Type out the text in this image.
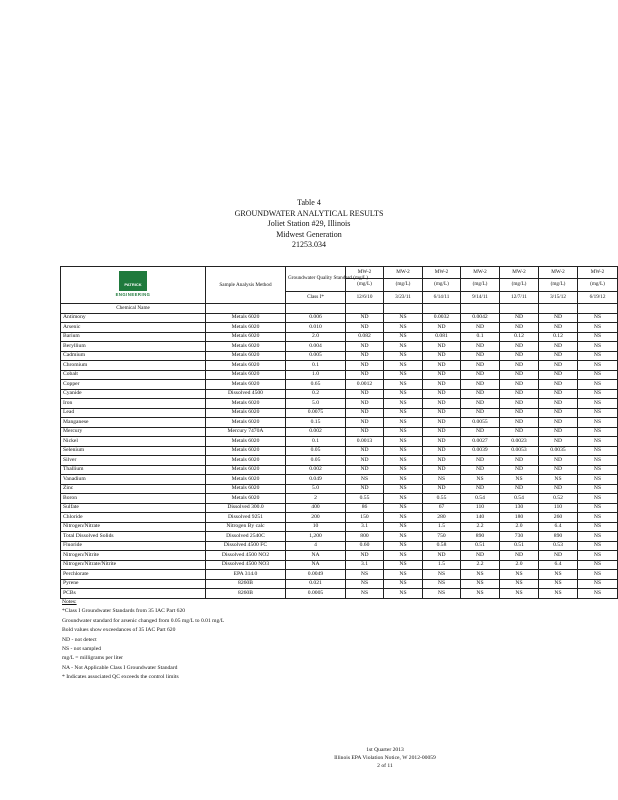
Table 4
GROUNDWATER ANALYTICAL RESULTS
Joliet Station #29, Illinois
Midwest Generation
21253.034
PATRICK
ENGINEERING	Sample Analysis Method	Groundwater Quality Standard (mg/L)	MW-2	MW-2	MW-2	MW-2	MW-2	MW-2	MW-2
			(mg/L)	(mg/L)	(mg/L)	(mg/L)	(mg/L)	(mg/L)	(mg/L)
		Class I*	12/6/10	3/23/11	6/14/11	9/14/11	12/7/11	3/15/12	6/19/12
Chemical Name									
Antimony	Metals 6020	0.006	ND	NS	0.0032	0.0042	ND	ND	NS
Arsenic	Metals 6020	0.010	ND	NS	ND	ND	ND	ND	NS
Barium	Metals 6020	2.0	0.082	NS	0.081	0.1	0.12	0.12	NS
Beryllium	Metals 6020	0.004	ND	NS	ND	ND	ND	ND	NS
Cadmium	Metals 6020	0.005	ND	NS	ND	ND	ND	ND	NS
Chromium	Metals 6020	0.1	ND	NS	ND	ND	ND	ND	NS
Cobalt	Metals 6020	1.0	ND	NS	ND	ND	ND	ND	NS
Copper	Metals 6020	0.65	0.0012	NS	ND	ND	ND	ND	NS
Cyanide	Dissolved 4500	0.2	ND	NS	ND	ND	ND	ND	NS
Iron	Metals 6020	5.0	ND	NS	ND	ND	ND	ND	NS
Lead	Metals 6020	0.0075	ND	NS	ND	ND	ND	ND	NS
Manganese	Metals 6020	0.15	ND	NS	ND	0.0055	ND	ND	NS
Mercury	Mercury 7470A	0.002	ND	NS	ND	ND	ND	ND	NS
Nickel	Metals 6020	0.1	0.0013	NS	ND	0.0027	0.0023	ND	NS
Selenium	Metals 6020	0.05	ND	NS	ND	0.0039	0.0053	0.0035	NS
Silver	Metals 6020	0.05	ND	NS	ND	ND	ND	ND	NS
Thallium	Metals 6020	0.002	ND	NS	ND	ND	ND	ND	NS
Vanadium	Metals 6020	0.049	NS	NS	NS	NS	NS	NS	NS
Zinc	Metals 6020	5.0	ND	NS	ND	ND	ND	ND	NS
Boron	Metals 6020	2	0.55	NS	0.55	0.54	0.54	0.52	NS
Sulfate	Dissolved 300.0	400	86	NS	67	110	130	110	NS
Chloride	Dissolved 9251	200	150	NS	280	140	180	260	NS
Nitrogen/Nitrate	Nitrogen By calc	10	3.1	NS	1.5	2.2	2.0	6.4	NS
Total Dissolved Solids	Dissolved 2540C	1,200	800	NS	750	890	730	890	NS
Fluoride	Dissolved 4500 FC	4	0.60	NS	0.58	0.51	0.51	0.53	NS
Nitrogen/Nitrite	Dissolved 4500 NO2	NA	ND	NS	ND	ND	ND	ND	NS
Nitrogen/Nitrate/Nitrite	Dissolved 4500 NO3	NA	3.1	NS	1.5	2.2	2.0	6.4	NS
Perchlorate	EPA 314.0	0.0049	NS	NS	NS	NS	NS	NS	NS
Pyrene	8260B	0.021	NS	NS	NS	NS	NS	NS	NS
PCBs	8260B	0.0005	NS	NS	NS	NS	NS	NS	NS
Notes:
*Class I Groundwater Standards from 35 IAC Part 620
Groundwater standard for arsenic changed from 0.05 mg/L to 0.01 mg/L
Bold values show exceedances of 35 IAC Part 620
ND - not detect
NS - not sampled
mg/L = milligrams per liter
NA - Not Applicable Class I Groundwater Standard
* Indicates associated QC exceeds the control limits
1st Quarter 2013
Illinois EPA Violation Notice, W 2012-00059
2 of 11
